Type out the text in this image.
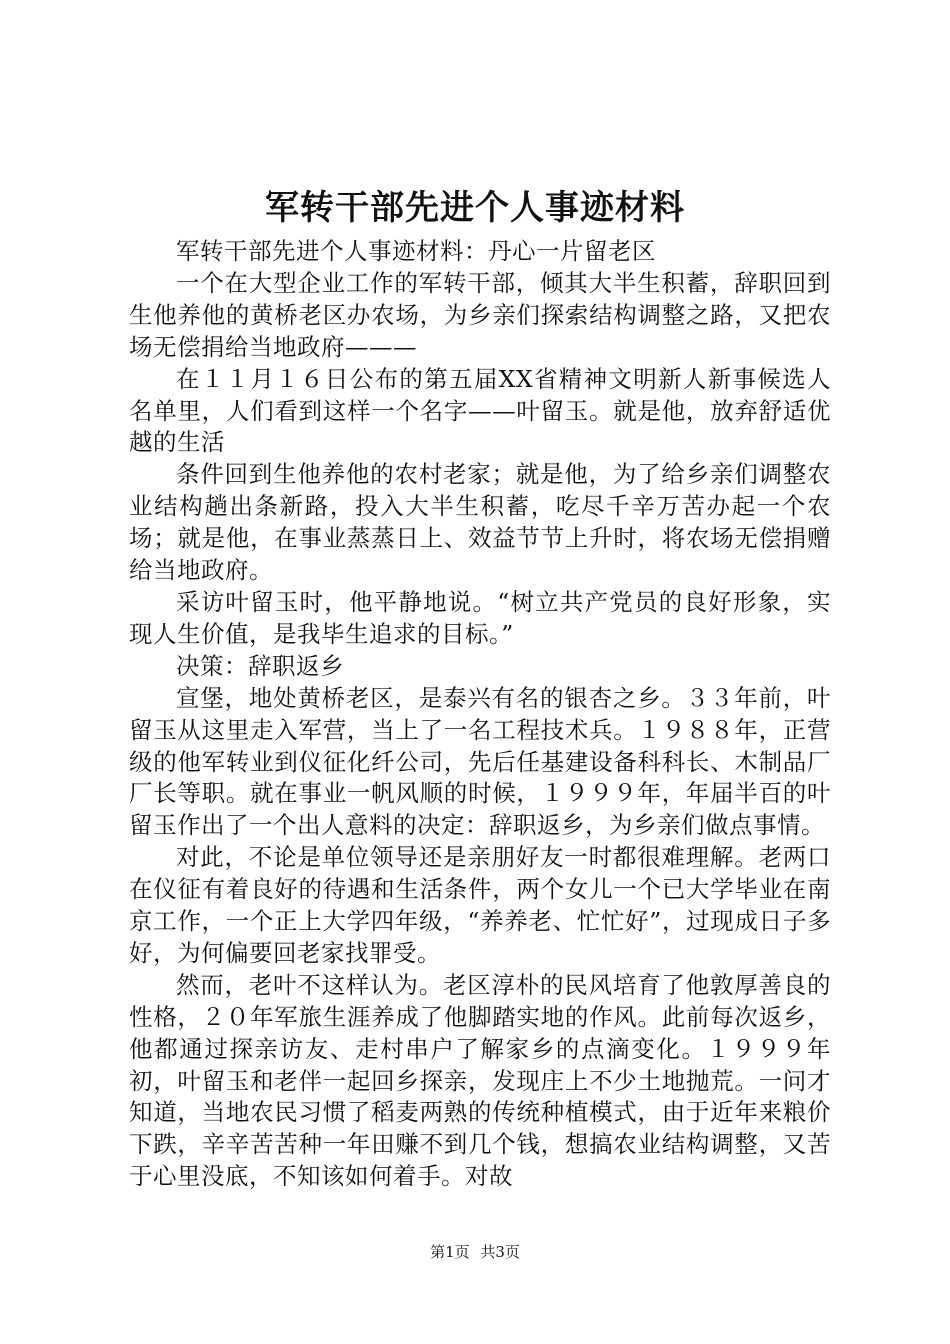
军转干部先进个人事迹材料

军转干部先进个人事迹材料：丹心一片留老区

一个在大型企业工作的军转干部，倾其大半生积蓄，辞职回到生他养他的黄桥老区办农场，为乡亲们探索结构调整之路，又把农场无偿捐给当地政府———

在１１月１６日公布的第五届XX省精神文明新人新事候选人名单里，人们看到这样一个名字——叶留玉。就是他，放弃舒适优越的生活

条件回到生他养他的农村老家；就是他，为了给乡亲们调整农业结构趟出条新路，投入大半生积蓄，吃尽千辛万苦办起一个农场；就是他，在事业蒸蒸日上、效益节节上升时，将农场无偿捐赠给当地政府。

采访叶留玉时，他平静地说。“树立共产党员的良好形象，实现人生价值，是我毕生追求的目标。”

决策：辞职返乡

宣堡，地处黄桥老区，是泰兴有名的银杏之乡。３３年前，叶留玉从这里走入军营，当上了一名工程技术兵。１９８８年，正营级的他军转业到仪征化纤公司，先后任基建设备科科长、木制品厂厂长等职。就在事业一帆风顺的时候，１９９９年，年届半百的叶留玉作出了一个出人意料的决定：辞职返乡，为乡亲们做点事情。

对此，不论是单位领导还是亲朋好友一时都很难理解。老两口在仪征有着良好的待遇和生活条件，两个女儿一个已大学毕业在南京工作，一个正上大学四年级，“养养老、忙忙好”，过现成日子多好，为何偏要回老家找罪受。

然而，老叶不这样认为。老区淳朴的民风培育了他敦厚善良的性格，２０年军旅生涯养成了他脚踏实地的作风。此前每次返乡，他都通过探亲访友、走村串户了解家乡的点滴变化。１９９９年初，叶留玉和老伴一起回乡探亲，发现庄上不少土地抛荒。一问才知道，当地农民习惯了稻麦两熟的传统种植模式，由于近年来粮价下跌，辛辛苦苦种一年田赚不到几个钱，想搞农业结构调整，又苦于心里没底，不知该如何着手。对故

第1页 共3页
